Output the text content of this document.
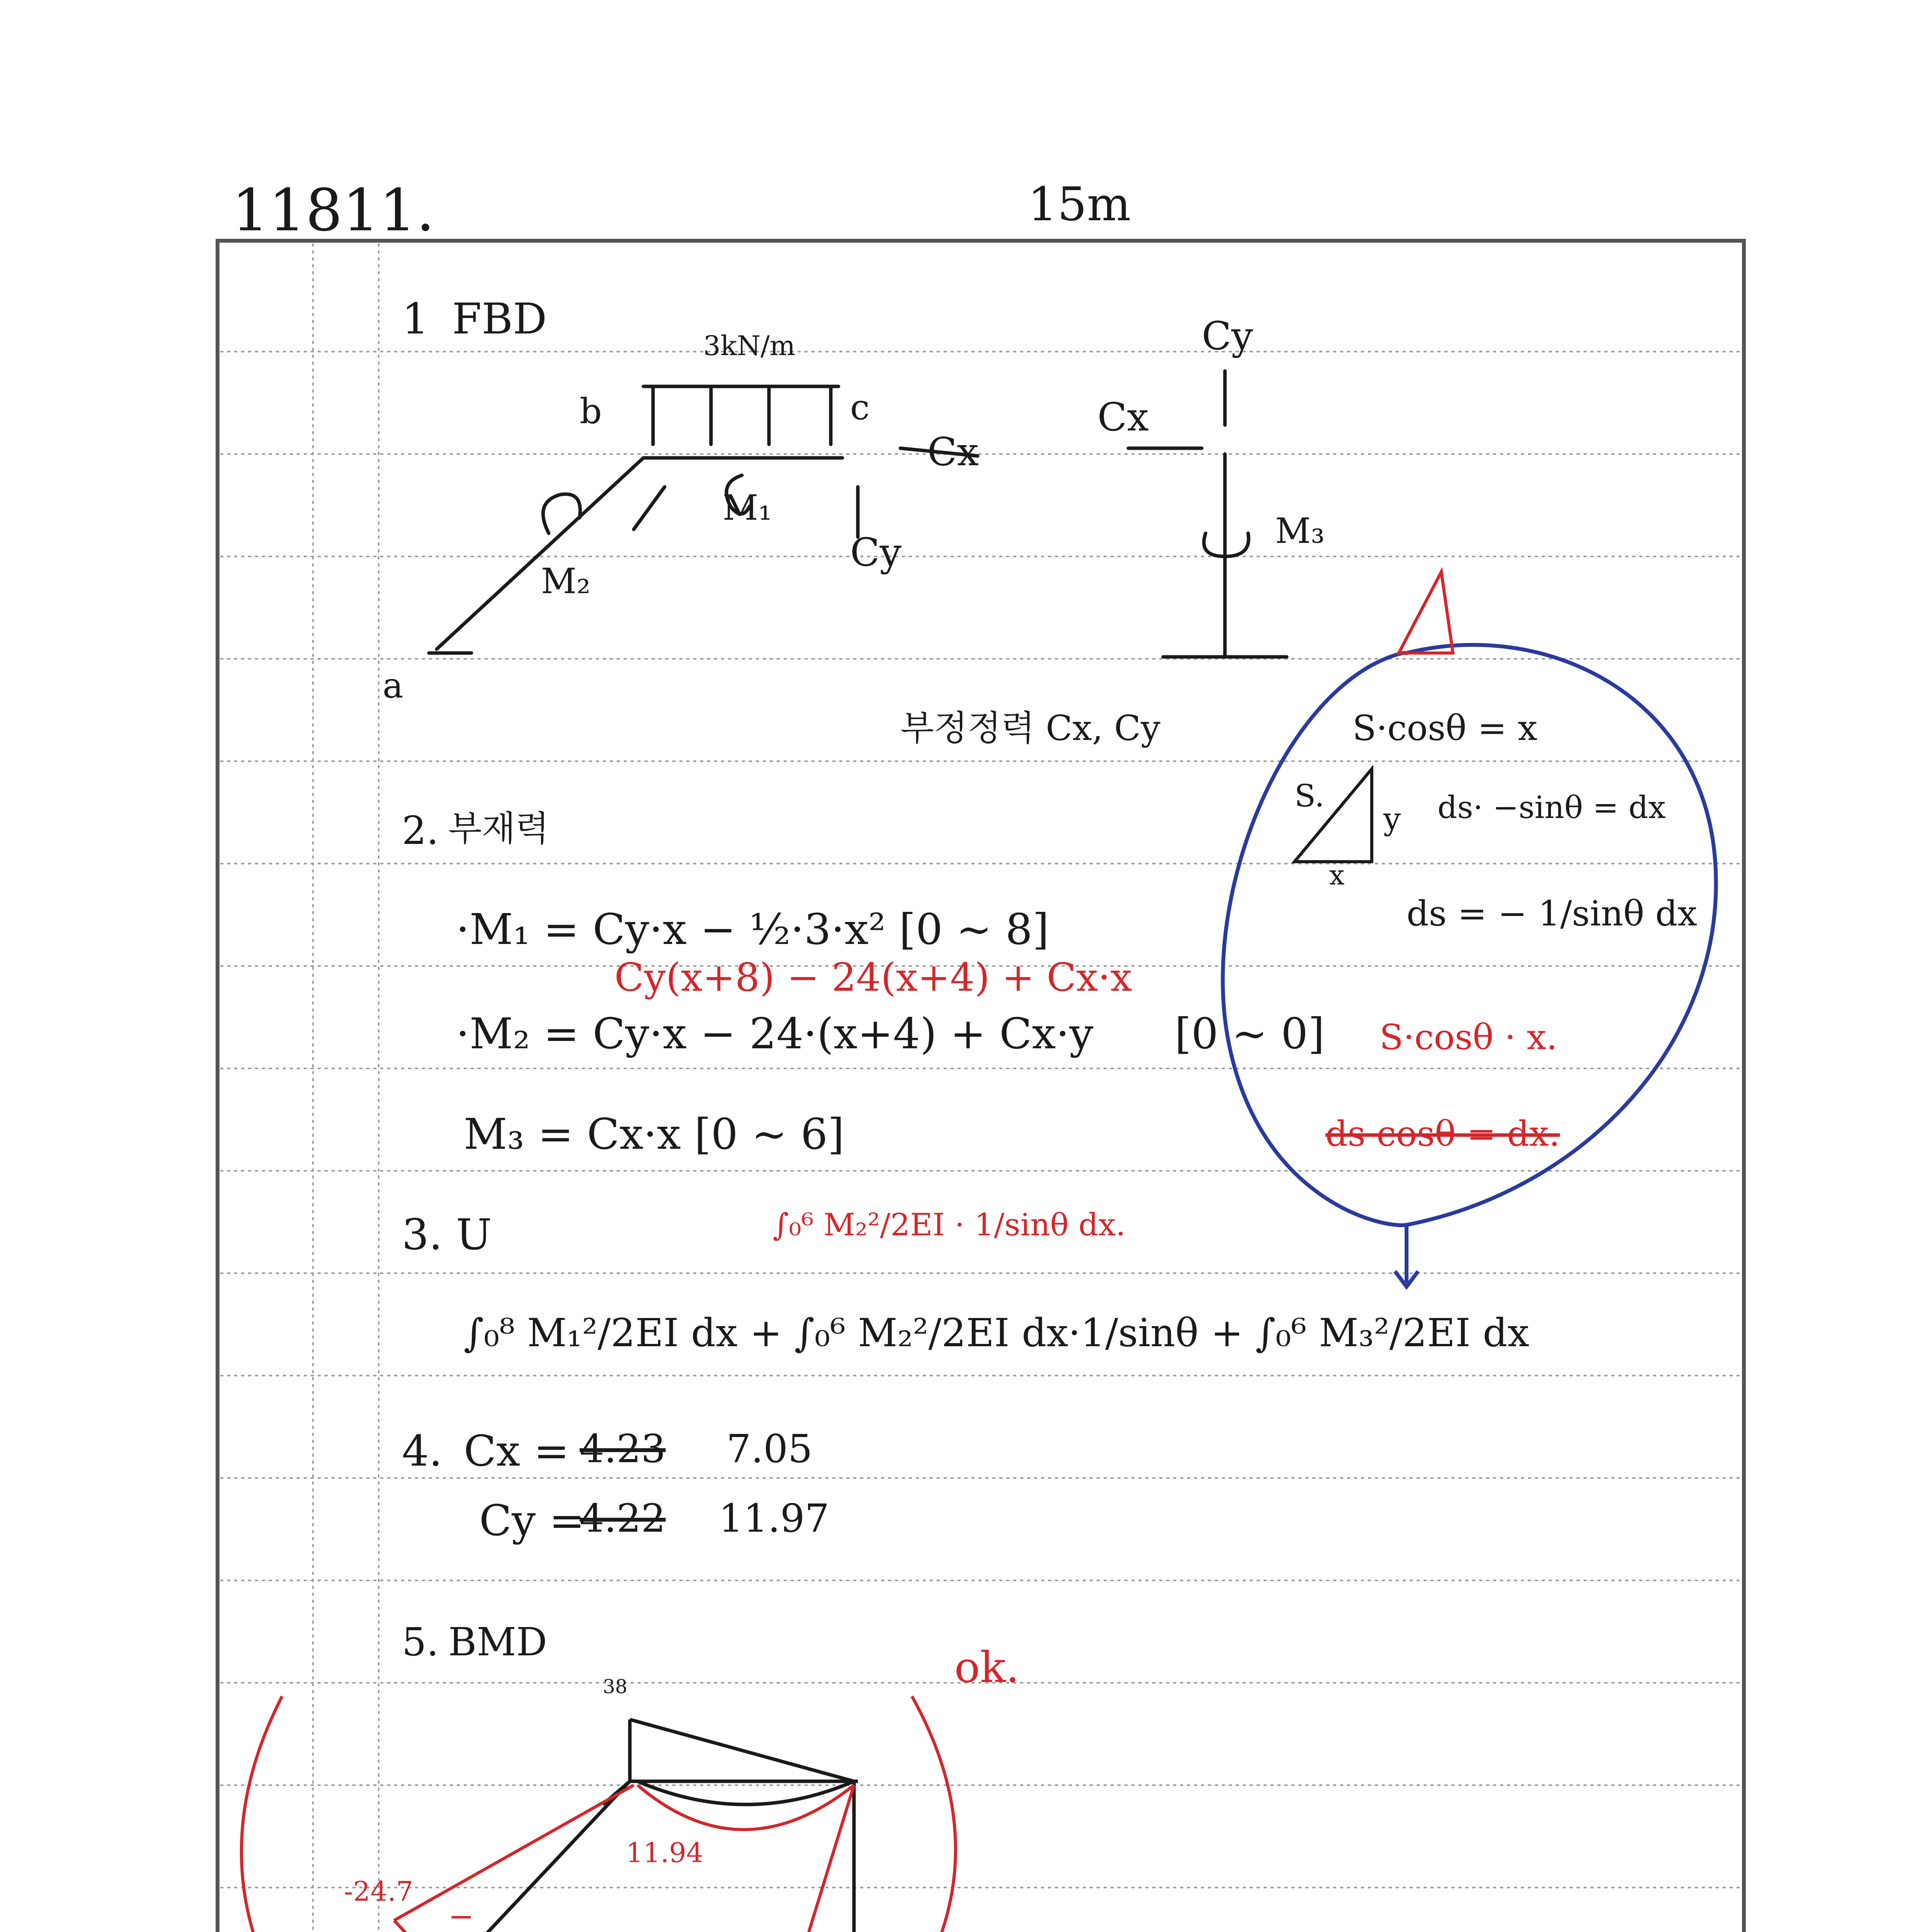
11811.	15m
1 FBD
3kN/m
b	c
a
M₁
M₂
M₃
Cx
Cy
Cx
Cy
부정정력 Cx, Cy
2. 부재력
·M₁ = Cy·x − ½·3·x² [0 ~ 8]
Cy(x+8) − 24(x+4) + Cx·x
·M₂ = Cy·x − 24·(x+4) + Cx·y [0 ~ 0]
M₃ = Cx·x [0 ~ 6]
3. U	∫₀⁶ M₂²/2EI · 1/sinθ dx.
∫₀⁸ M₁²/2EI dx + ∫₀⁶ M₂²/2EI dx·1/sinθ + ∫₀⁶ M₃²/2EI dx
4. Cx = 4.23 7.05
Cy =
4.22 11.97
5. BMD
38
11.94
-24.7
−
ok.
S·cosθ = x
S.
y
x
ds· −sinθ = dx
ds = − 1/sinθ dx
S·cosθ · x.
ds cosθ = dx.
